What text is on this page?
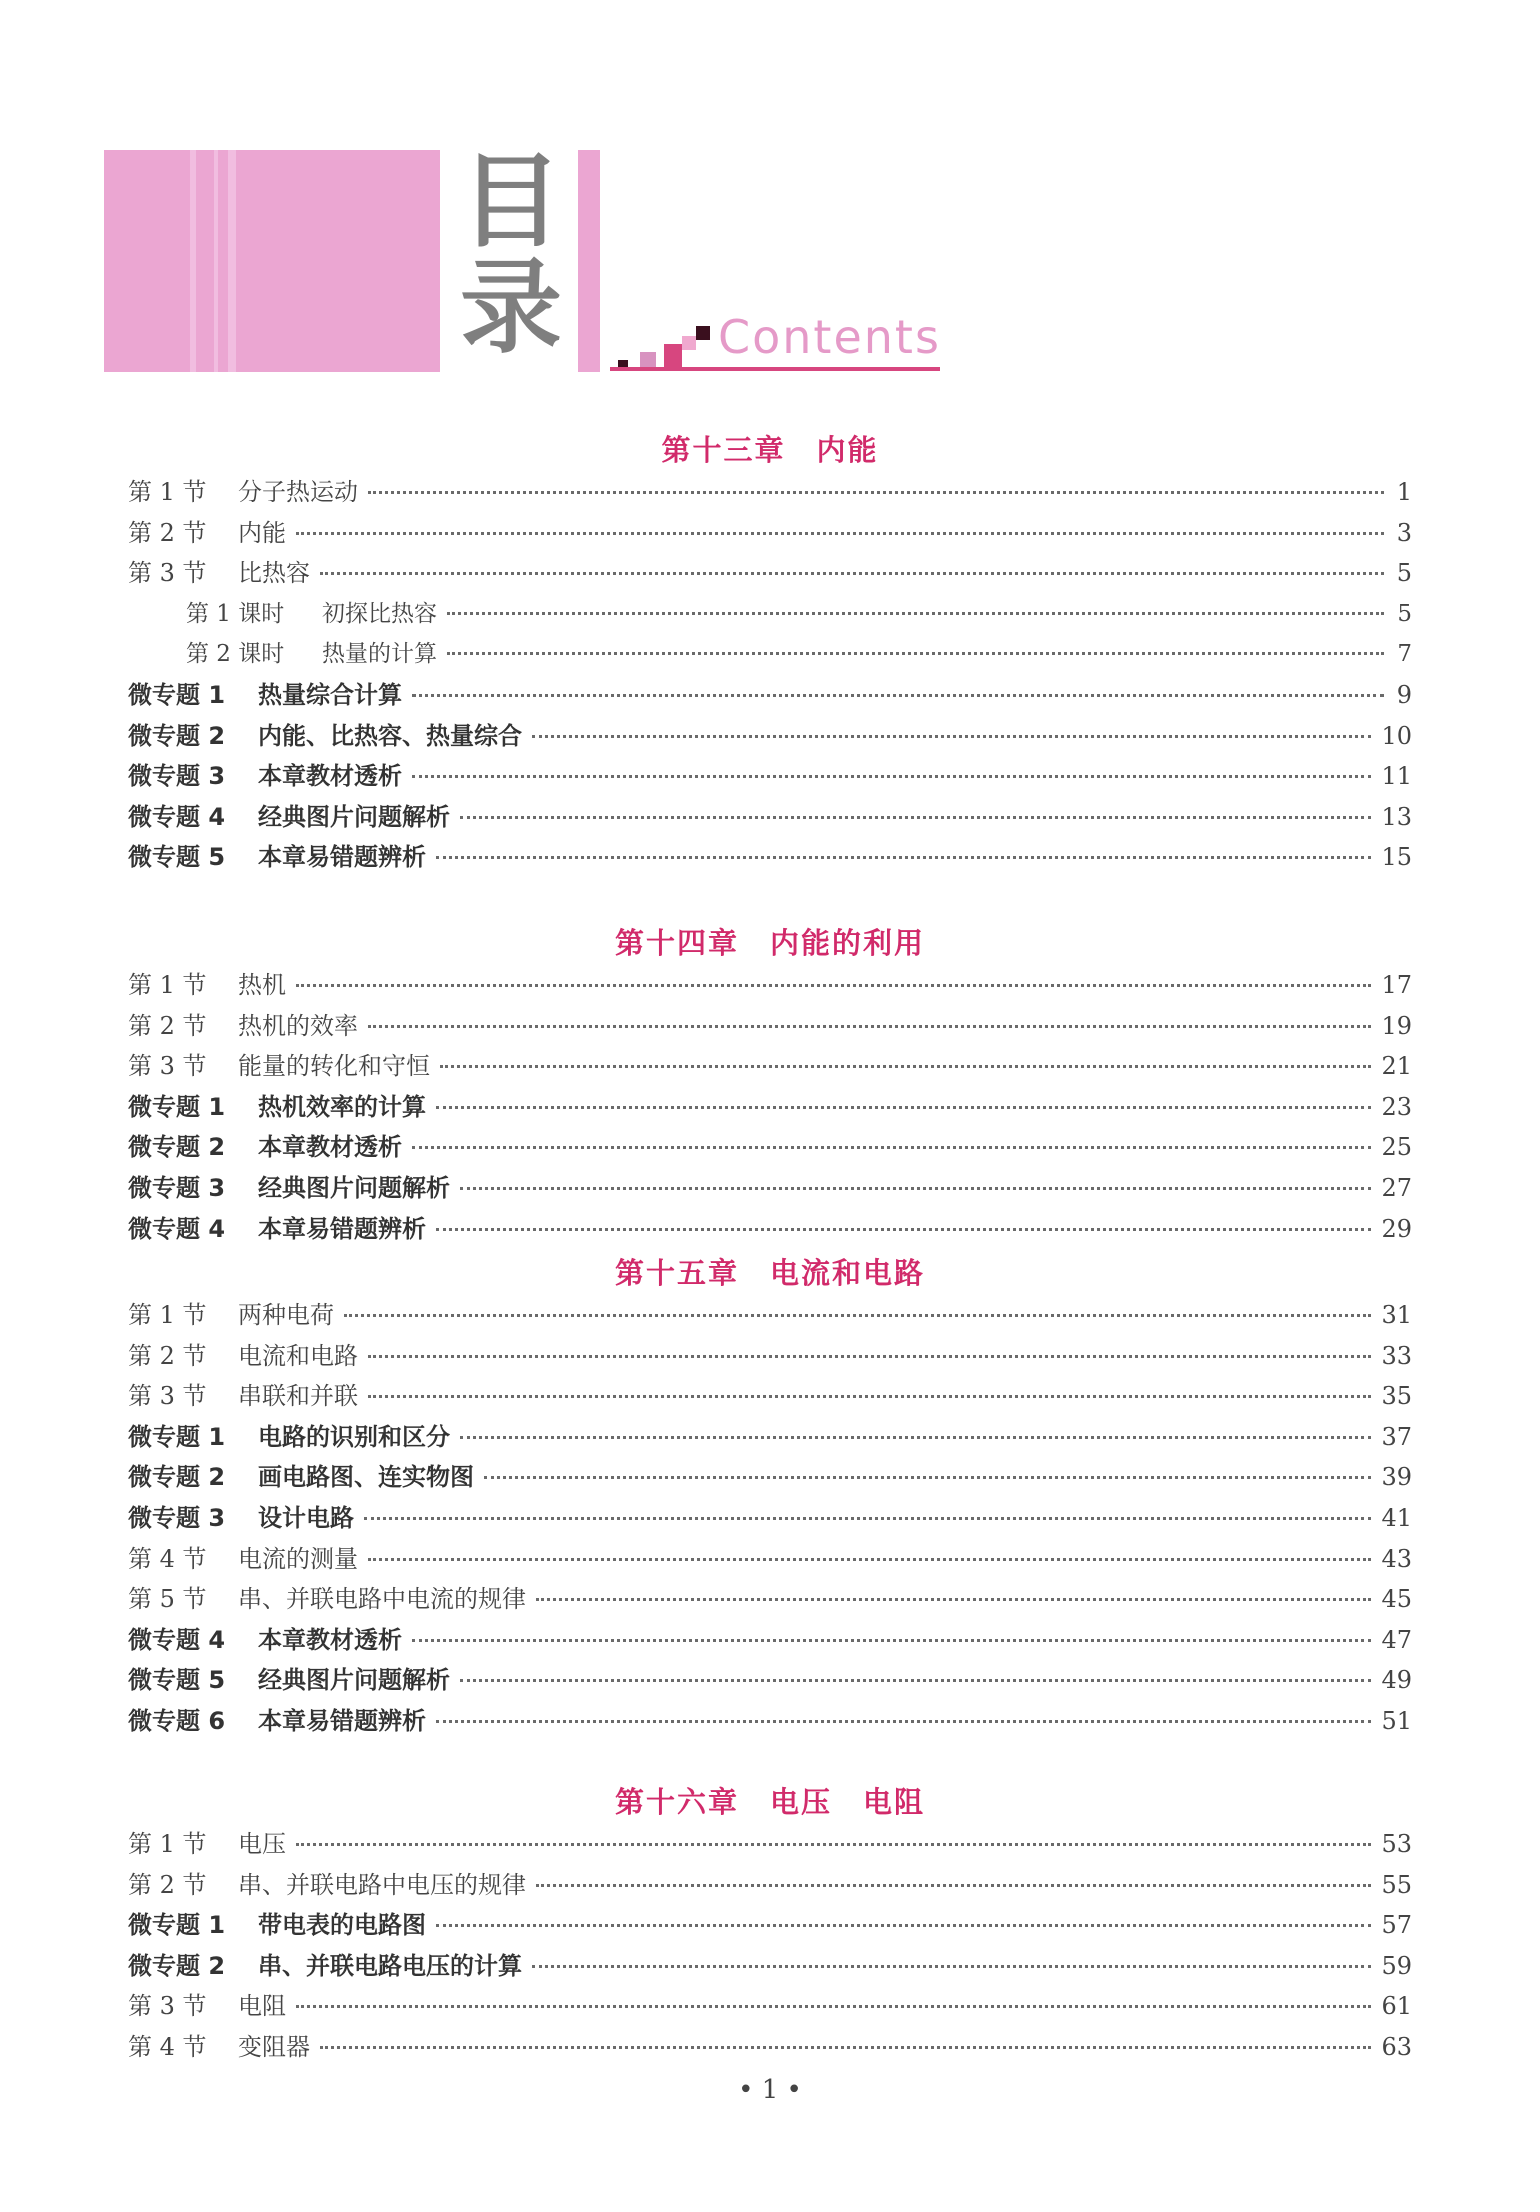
目
录	Contents
第十三章　内能
第 1 节	分子热运动	1
第 2 节	内能	3
第 3 节	比热容	5
第 1 课时	初探比热容	5
第 2 课时	热量的计算	7
微专题 1	热量综合计算	9
微专题 2	内能、比热容、热量综合	10
微专题 3	本章教材透析	11
微专题 4	经典图片问题解析	13
微专题 5	本章易错题辨析	15
第十四章　内能的利用
第 1 节	热机	17
第 2 节	热机的效率	19
第 3 节	能量的转化和守恒	21
微专题 1	热机效率的计算	23
微专题 2	本章教材透析	25
微专题 3	经典图片问题解析	27
微专题 4	本章易错题辨析	29
第十五章　电流和电路
第 1 节	两种电荷	31
第 2 节	电流和电路	33
第 3 节	串联和并联	35
微专题 1	电路的识别和区分	37
微专题 2	画电路图、连实物图	39
微专题 3	设计电路	41
第 4 节	电流的测量	43
第 5 节	串、并联电路中电流的规律	45
微专题 4	本章教材透析	47
微专题 5	经典图片问题解析	49
微专题 6	本章易错题辨析	51
第十六章　电压　电阻
第 1 节	电压	53
第 2 节	串、并联电路中电压的规律	55
微专题 1	带电表的电路图	57
微专题 2	串、并联电路电压的计算	59
第 3 节	电阻	61
第 4 节	变阻器	63
• 1 •
